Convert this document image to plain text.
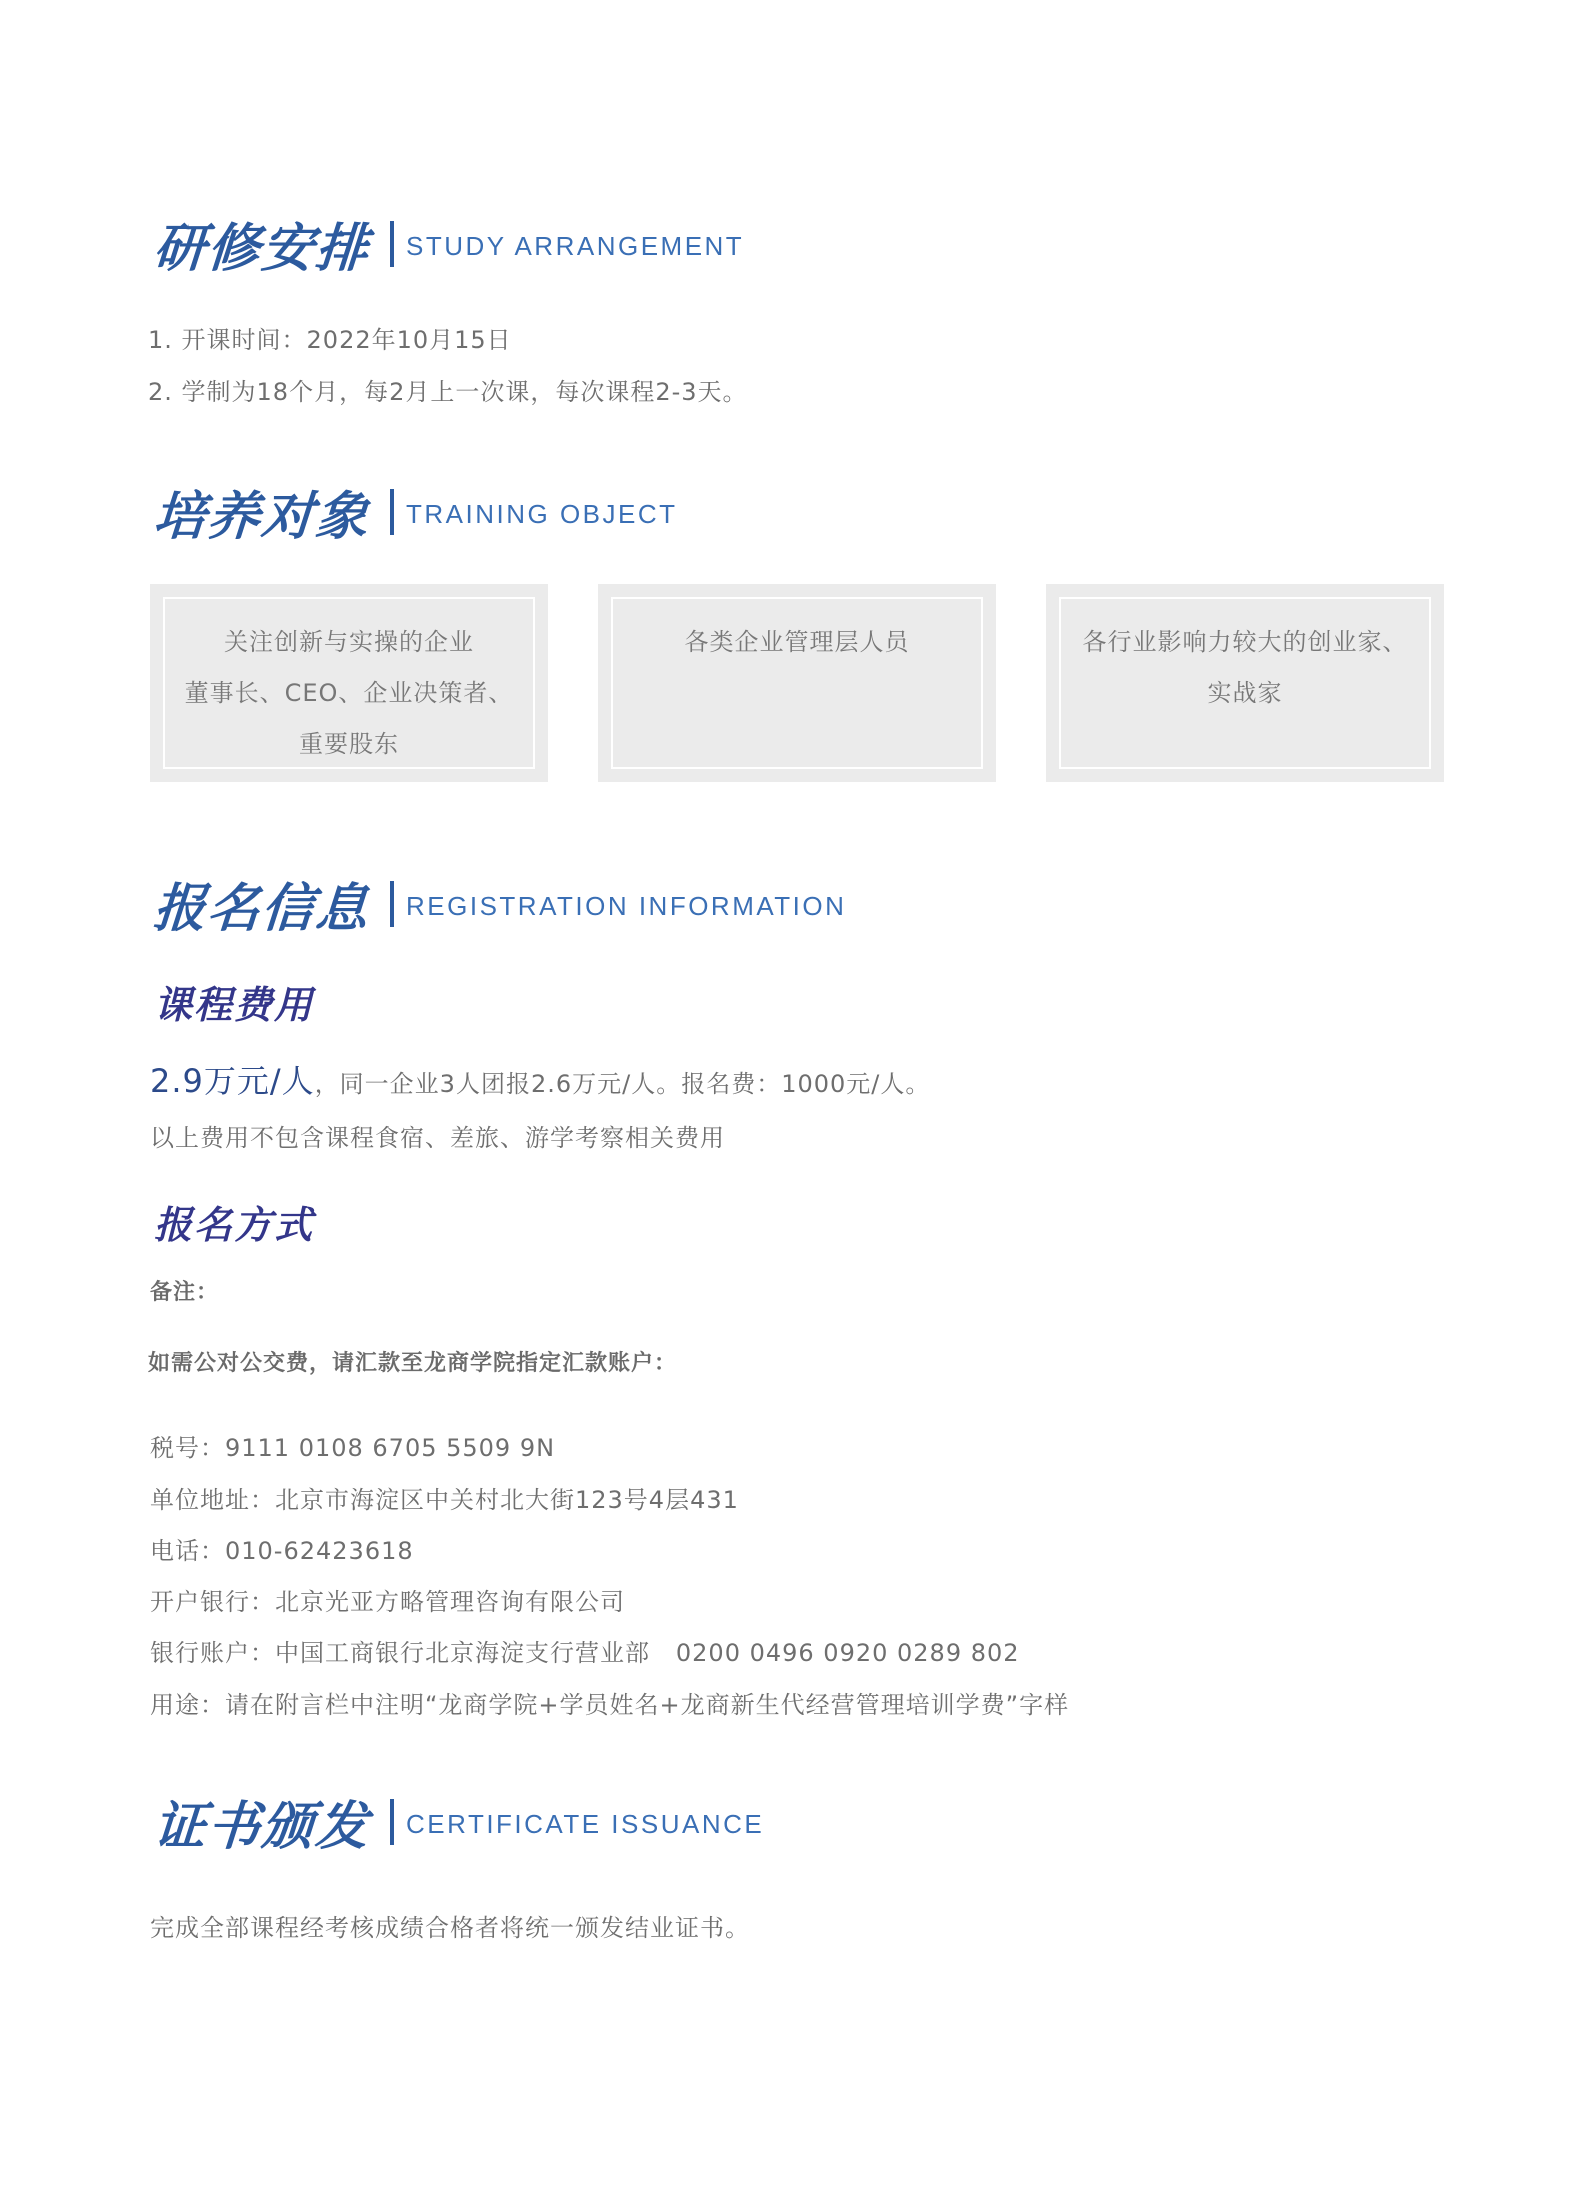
研修安排 STUDY ARRANGEMENT
1. 开课时间：2022年10月15日
2. 学制为18个月，每2月上一次课，每次课程2-3天。
培养对象 TRAINING OBJECT
关注创新与实操的企业
董事长、CEO、企业决策者、
重要股东
各类企业管理层人员	各行业影响力较大的创业家、
实战家
报名信息 REGISTRATION INFORMATION
课程费用
2.9万元/人，同一企业3人团报2.6万元/人。报名费：1000元/人。
以上费用不包含课程食宿、差旅、游学考察相关费用
报名方式
备注：
如需公对公交费，请汇款至龙商学院指定汇款账户：
税号：9111 0108 6705 5509 9N
单位地址：北京市海淀区中关村北大街123号4层431
电话：010-62423618
开户银行：北京光亚方略管理咨询有限公司
银行账户：中国工商银行北京海淀支行营业部   0200 0496 0920 0289 802
用途：请在附言栏中注明“龙商学院+学员姓名+龙商新生代经营管理培训学费”字样
证书颁发 CERTIFICATE ISSUANCE
完成全部课程经考核成绩合格者将统一颁发结业证书。
